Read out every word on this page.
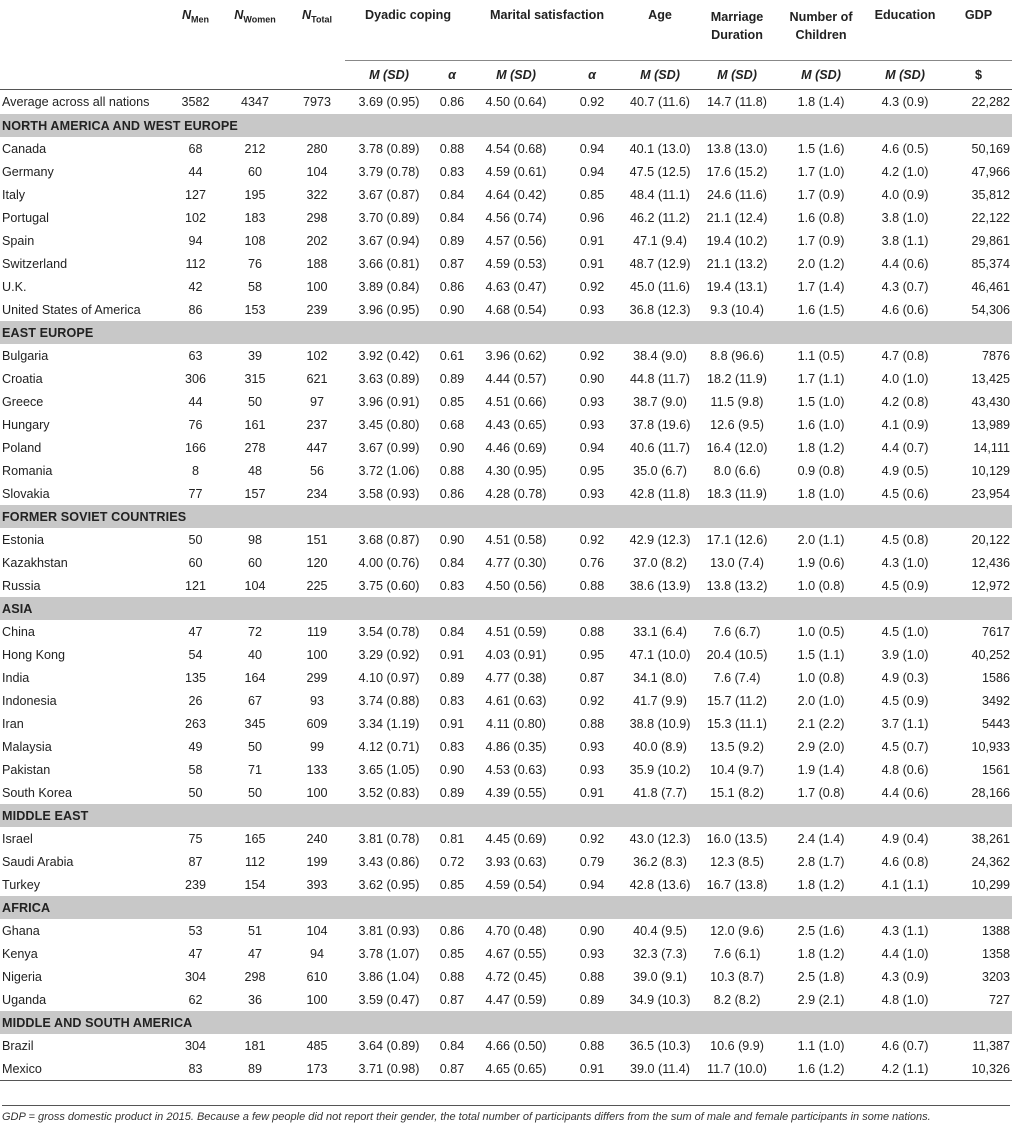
	$N_{Men}$	$N_{Women}$	$N_{Total}$	Dyadic coping		Marital satisfaction		Age	Marriage Duration	Number of Children	Education	GDP
				M (SD)	α	M (SD)	α	M (SD)	M (SD)	M (SD)	M (SD)	$

Average across all nations	3582	4347	7973	3.69 (0.95)	0.86	4.50 (0.64)	0.92	40.7 (11.6)	14.7 (11.8)	1.8 (1.4)	4.3 (0.9)	22,282
NORTH AMERICA AND WEST EUROPE												
Canada	68	212	280	3.78 (0.89)	0.88	4.54 (0.68)	0.94	40.1 (13.0)	13.8 (13.0)	1.5 (1.6)	4.6 (0.5)	50,169
Germany	44	60	104	3.79 (0.78)	0.83	4.59 (0.61)	0.94	47.5 (12.5)	17.6 (15.2)	1.7 (1.0)	4.2 (1.0)	47,966
Italy	127	195	322	3.67 (0.87)	0.84	4.64 (0.42)	0.85	48.4 (11.1)	24.6 (11.6)	1.7 (0.9)	4.0 (0.9)	35,812
Portugal	102	183	298	3.70 (0.89)	0.84	4.56 (0.74)	0.96	46.2 (11.2)	21.1 (12.4)	1.6 (0.8)	3.8 (1.0)	22,122
Spain	94	108	202	3.67 (0.94)	0.89	4.57 (0.56)	0.91	47.1 (9.4)	19.4 (10.2)	1.7 (0.9)	3.8 (1.1)	29,861
Switzerland	112	76	188	3.66 (0.81)	0.87	4.59 (0.53)	0.91	48.7 (12.9)	21.1 (13.2)	2.0 (1.2)	4.4 (0.6)	85,374
U.K.	42	58	100	3.89 (0.84)	0.86	4.63 (0.47)	0.92	45.0 (11.6)	19.4 (13.1)	1.7 (1.4)	4.3 (0.7)	46,461
United States of America	86	153	239	3.96 (0.95)	0.90	4.68 (0.54)	0.93	36.8 (12.3)	9.3 (10.4)	1.6 (1.5)	4.6 (0.6)	54,306
EAST EUROPE												
Bulgaria	63	39	102	3.92 (0.42)	0.61	3.96 (0.62)	0.92	38.4 (9.0)	8.8 (96.6)	1.1 (0.5)	4.7 (0.8)	7876
Croatia	306	315	621	3.63 (0.89)	0.89	4.44 (0.57)	0.90	44.8 (11.7)	18.2 (11.9)	1.7 (1.1)	4.0 (1.0)	13,425
Greece	44	50	97	3.96 (0.91)	0.85	4.51 (0.66)	0.93	38.7 (9.0)	11.5 (9.8)	1.5 (1.0)	4.2 (0.8)	43,430
Hungary	76	161	237	3.45 (0.80)	0.68	4.43 (0.65)	0.93	37.8 (19.6)	12.6 (9.5)	1.6 (1.0)	4.1 (0.9)	13,989
Poland	166	278	447	3.67 (0.99)	0.90	4.46 (0.69)	0.94	40.6 (11.7)	16.4 (12.0)	1.8 (1.2)	4.4 (0.7)	14,111
Romania	8	48	56	3.72 (1.06)	0.88	4.30 (0.95)	0.95	35.0 (6.7)	8.0 (6.6)	0.9 (0.8)	4.9 (0.5)	10,129
Slovakia	77	157	234	3.58 (0.93)	0.86	4.28 (0.78)	0.93	42.8 (11.8)	18.3 (11.9)	1.8 (1.0)	4.5 (0.6)	23,954
FORMER SOVIET COUNTRIES												
Estonia	50	98	151	3.68 (0.87)	0.90	4.51 (0.58)	0.92	42.9 (12.3)	17.1 (12.6)	2.0 (1.1)	4.5 (0.8)	20,122
Kazakhstan	60	60	120	4.00 (0.76)	0.84	4.77 (0.30)	0.76	37.0 (8.2)	13.0 (7.4)	1.9 (0.6)	4.3 (1.0)	12,436
Russia	121	104	225	3.75 (0.60)	0.83	4.50 (0.56)	0.88	38.6 (13.9)	13.8 (13.2)	1.0 (0.8)	4.5 (0.9)	12,972
ASIA												
China	47	72	119	3.54 (0.78)	0.84	4.51 (0.59)	0.88	33.1 (6.4)	7.6 (6.7)	1.0 (0.5)	4.5 (1.0)	7617
Hong Kong	54	40	100	3.29 (0.92)	0.91	4.03 (0.91)	0.95	47.1 (10.0)	20.4 (10.5)	1.5 (1.1)	3.9 (1.0)	40,252
India	135	164	299	4.10 (0.97)	0.89	4.77 (0.38)	0.87	34.1 (8.0)	7.6 (7.4)	1.0 (0.8)	4.9 (0.3)	1586
Indonesia	26	67	93	3.74 (0.88)	0.83	4.61 (0.63)	0.92	41.7 (9.9)	15.7 (11.2)	2.0 (1.0)	4.5 (0.9)	3492
Iran	263	345	609	3.34 (1.19)	0.91	4.11 (0.80)	0.88	38.8 (10.9)	15.3 (11.1)	2.1 (2.2)	3.7 (1.1)	5443
Malaysia	49	50	99	4.12 (0.71)	0.83	4.86 (0.35)	0.93	40.0 (8.9)	13.5 (9.2)	2.9 (2.0)	4.5 (0.7)	10,933
Pakistan	58	71	133	3.65 (1.05)	0.90	4.53 (0.63)	0.93	35.9 (10.2)	10.4 (9.7)	1.9 (1.4)	4.8 (0.6)	1561
South Korea	50	50	100	3.52 (0.83)	0.89	4.39 (0.55)	0.91	41.8 (7.7)	15.1 (8.2)	1.7 (0.8)	4.4 (0.6)	28,166
MIDDLE EAST												
Israel	75	165	240	3.81 (0.78)	0.81	4.45 (0.69)	0.92	43.0 (12.3)	16.0 (13.5)	2.4 (1.4)	4.9 (0.4)	38,261
Saudi Arabia	87	112	199	3.43 (0.86)	0.72	3.93 (0.63)	0.79	36.2 (8.3)	12.3 (8.5)	2.8 (1.7)	4.6 (0.8)	24,362
Turkey	239	154	393	3.62 (0.95)	0.85	4.59 (0.54)	0.94	42.8 (13.6)	16.7 (13.8)	1.8 (1.2)	4.1 (1.1)	10,299
AFRICA												
Ghana	53	51	104	3.81 (0.93)	0.86	4.70 (0.48)	0.90	40.4 (9.5)	12.0 (9.6)	2.5 (1.6)	4.3 (1.1)	1388
Kenya	47	47	94	3.78 (1.07)	0.85	4.67 (0.55)	0.93	32.3 (7.3)	7.6 (6.1)	1.8 (1.2)	4.4 (1.0)	1358
Nigeria	304	298	610	3.86 (1.04)	0.88	4.72 (0.45)	0.88	39.0 (9.1)	10.3 (8.7)	2.5 (1.8)	4.3 (0.9)	3203
Uganda	62	36	100	3.59 (0.47)	0.87	4.47 (0.59)	0.89	34.9 (10.3)	8.2 (8.2)	2.9 (2.1)	4.8 (1.0)	727
MIDDLE AND SOUTH AMERICA												
Brazil	304	181	485	3.64 (0.89)	0.84	4.66 (0.50)	0.88	36.5 (10.3)	10.6 (9.9)	1.1 (1.0)	4.6 (0.7)	11,387
Mexico	83	89	173	3.71 (0.98)	0.87	4.65 (0.65)	0.91	39.0 (11.4)	11.7 (10.0)	1.6 (1.2)	4.2 (1.1)	10,326

GDP = gross domestic product in 2015. Because a few people did not report their gender, the total number of participants differs from the sum of male and female participants in some nations.
